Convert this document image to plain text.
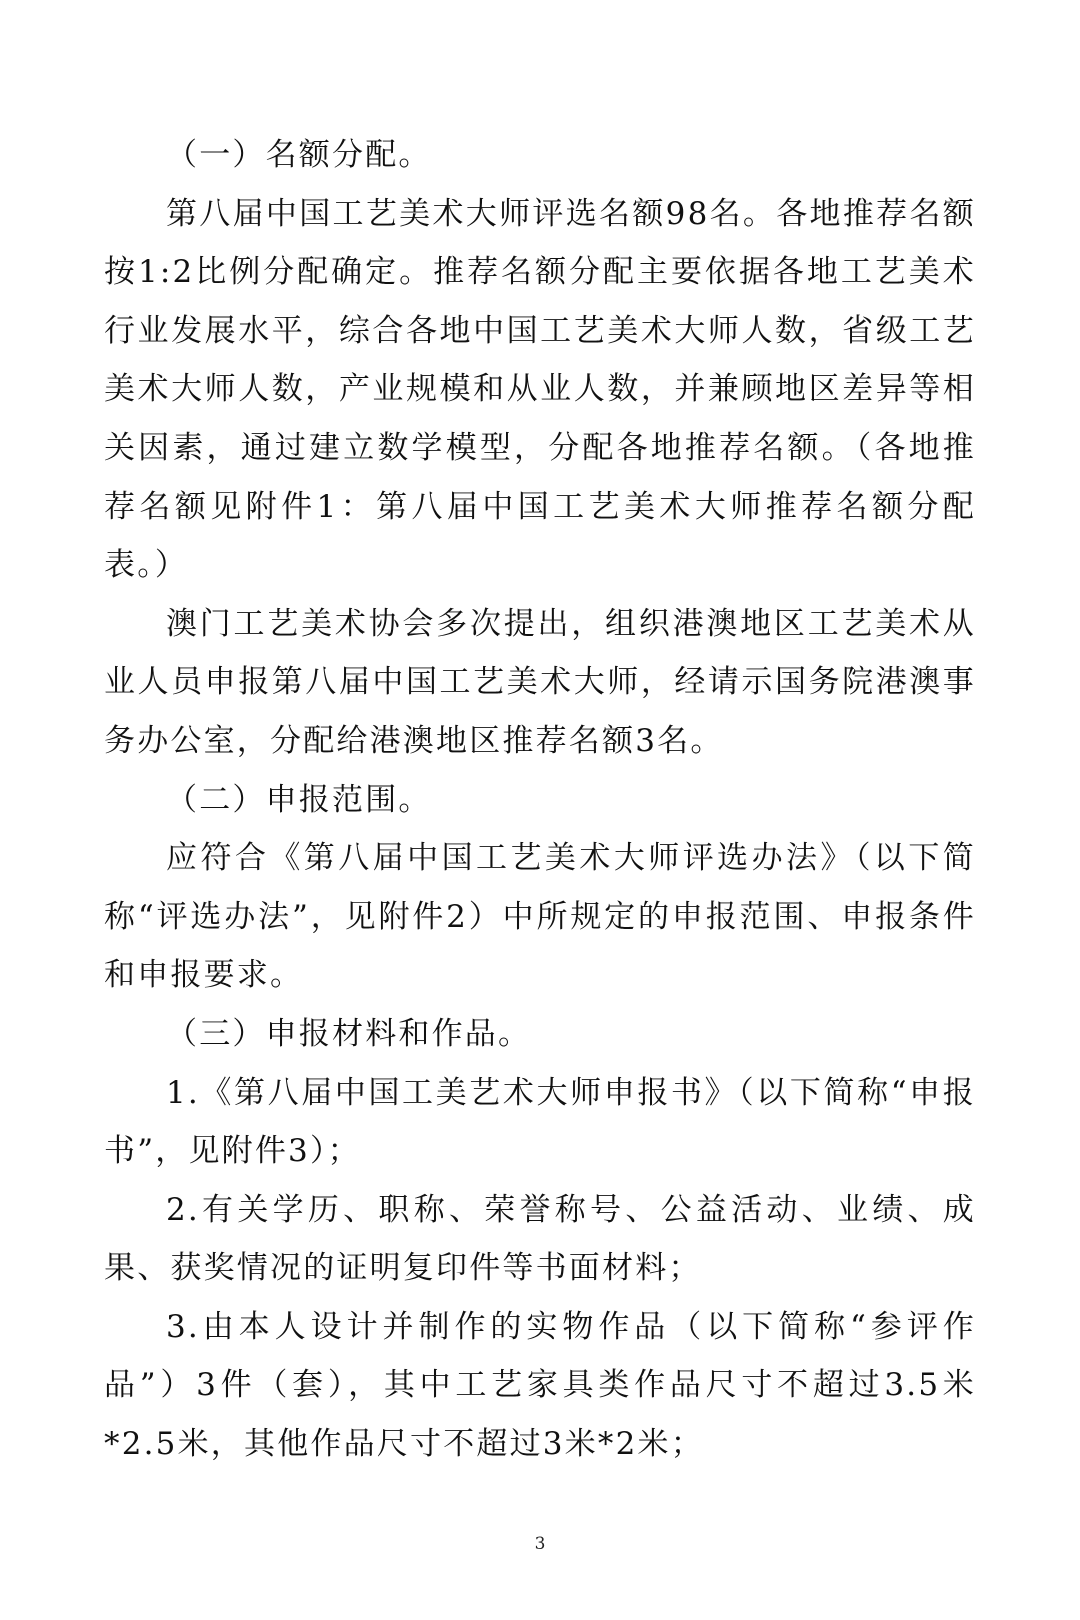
（一）名额分配。

第八届中国工艺美术大师评选名额98名。各地推荐名额按1:2比例分配确定。推荐名额分配主要依据各地工艺美术行业发展水平，综合各地中国工艺美术大师人数，省级工艺美术大师人数，产业规模和从业人数，并兼顾地区差异等相关因素，通过建立数学模型，分配各地推荐名额。（各地推荐名额见附件1：第八届中国工艺美术大师推荐名额分配表。）

澳门工艺美术协会多次提出，组织港澳地区工艺美术从业人员申报第八届中国工艺美术大师，经请示国务院港澳事务办公室，分配给港澳地区推荐名额3名。

（二）申报范围。

应符合《第八届中国工艺美术大师评选办法》（以下简称“评选办法”，见附件2）中所规定的申报范围、申报条件和申报要求。

（三）申报材料和作品。

1.《第八届中国工美艺术大师申报书》（以下简称“申报书”，见附件3）；

2.有关学历、职称、荣誉称号、公益活动、业绩、成果、获奖情况的证明复印件等书面材料；

3.由本人设计并制作的实物作品（以下简称“参评作品”）3件（套），其中工艺家具类作品尺寸不超过3.5米*2.5米，其他作品尺寸不超过3米*2米；

3
